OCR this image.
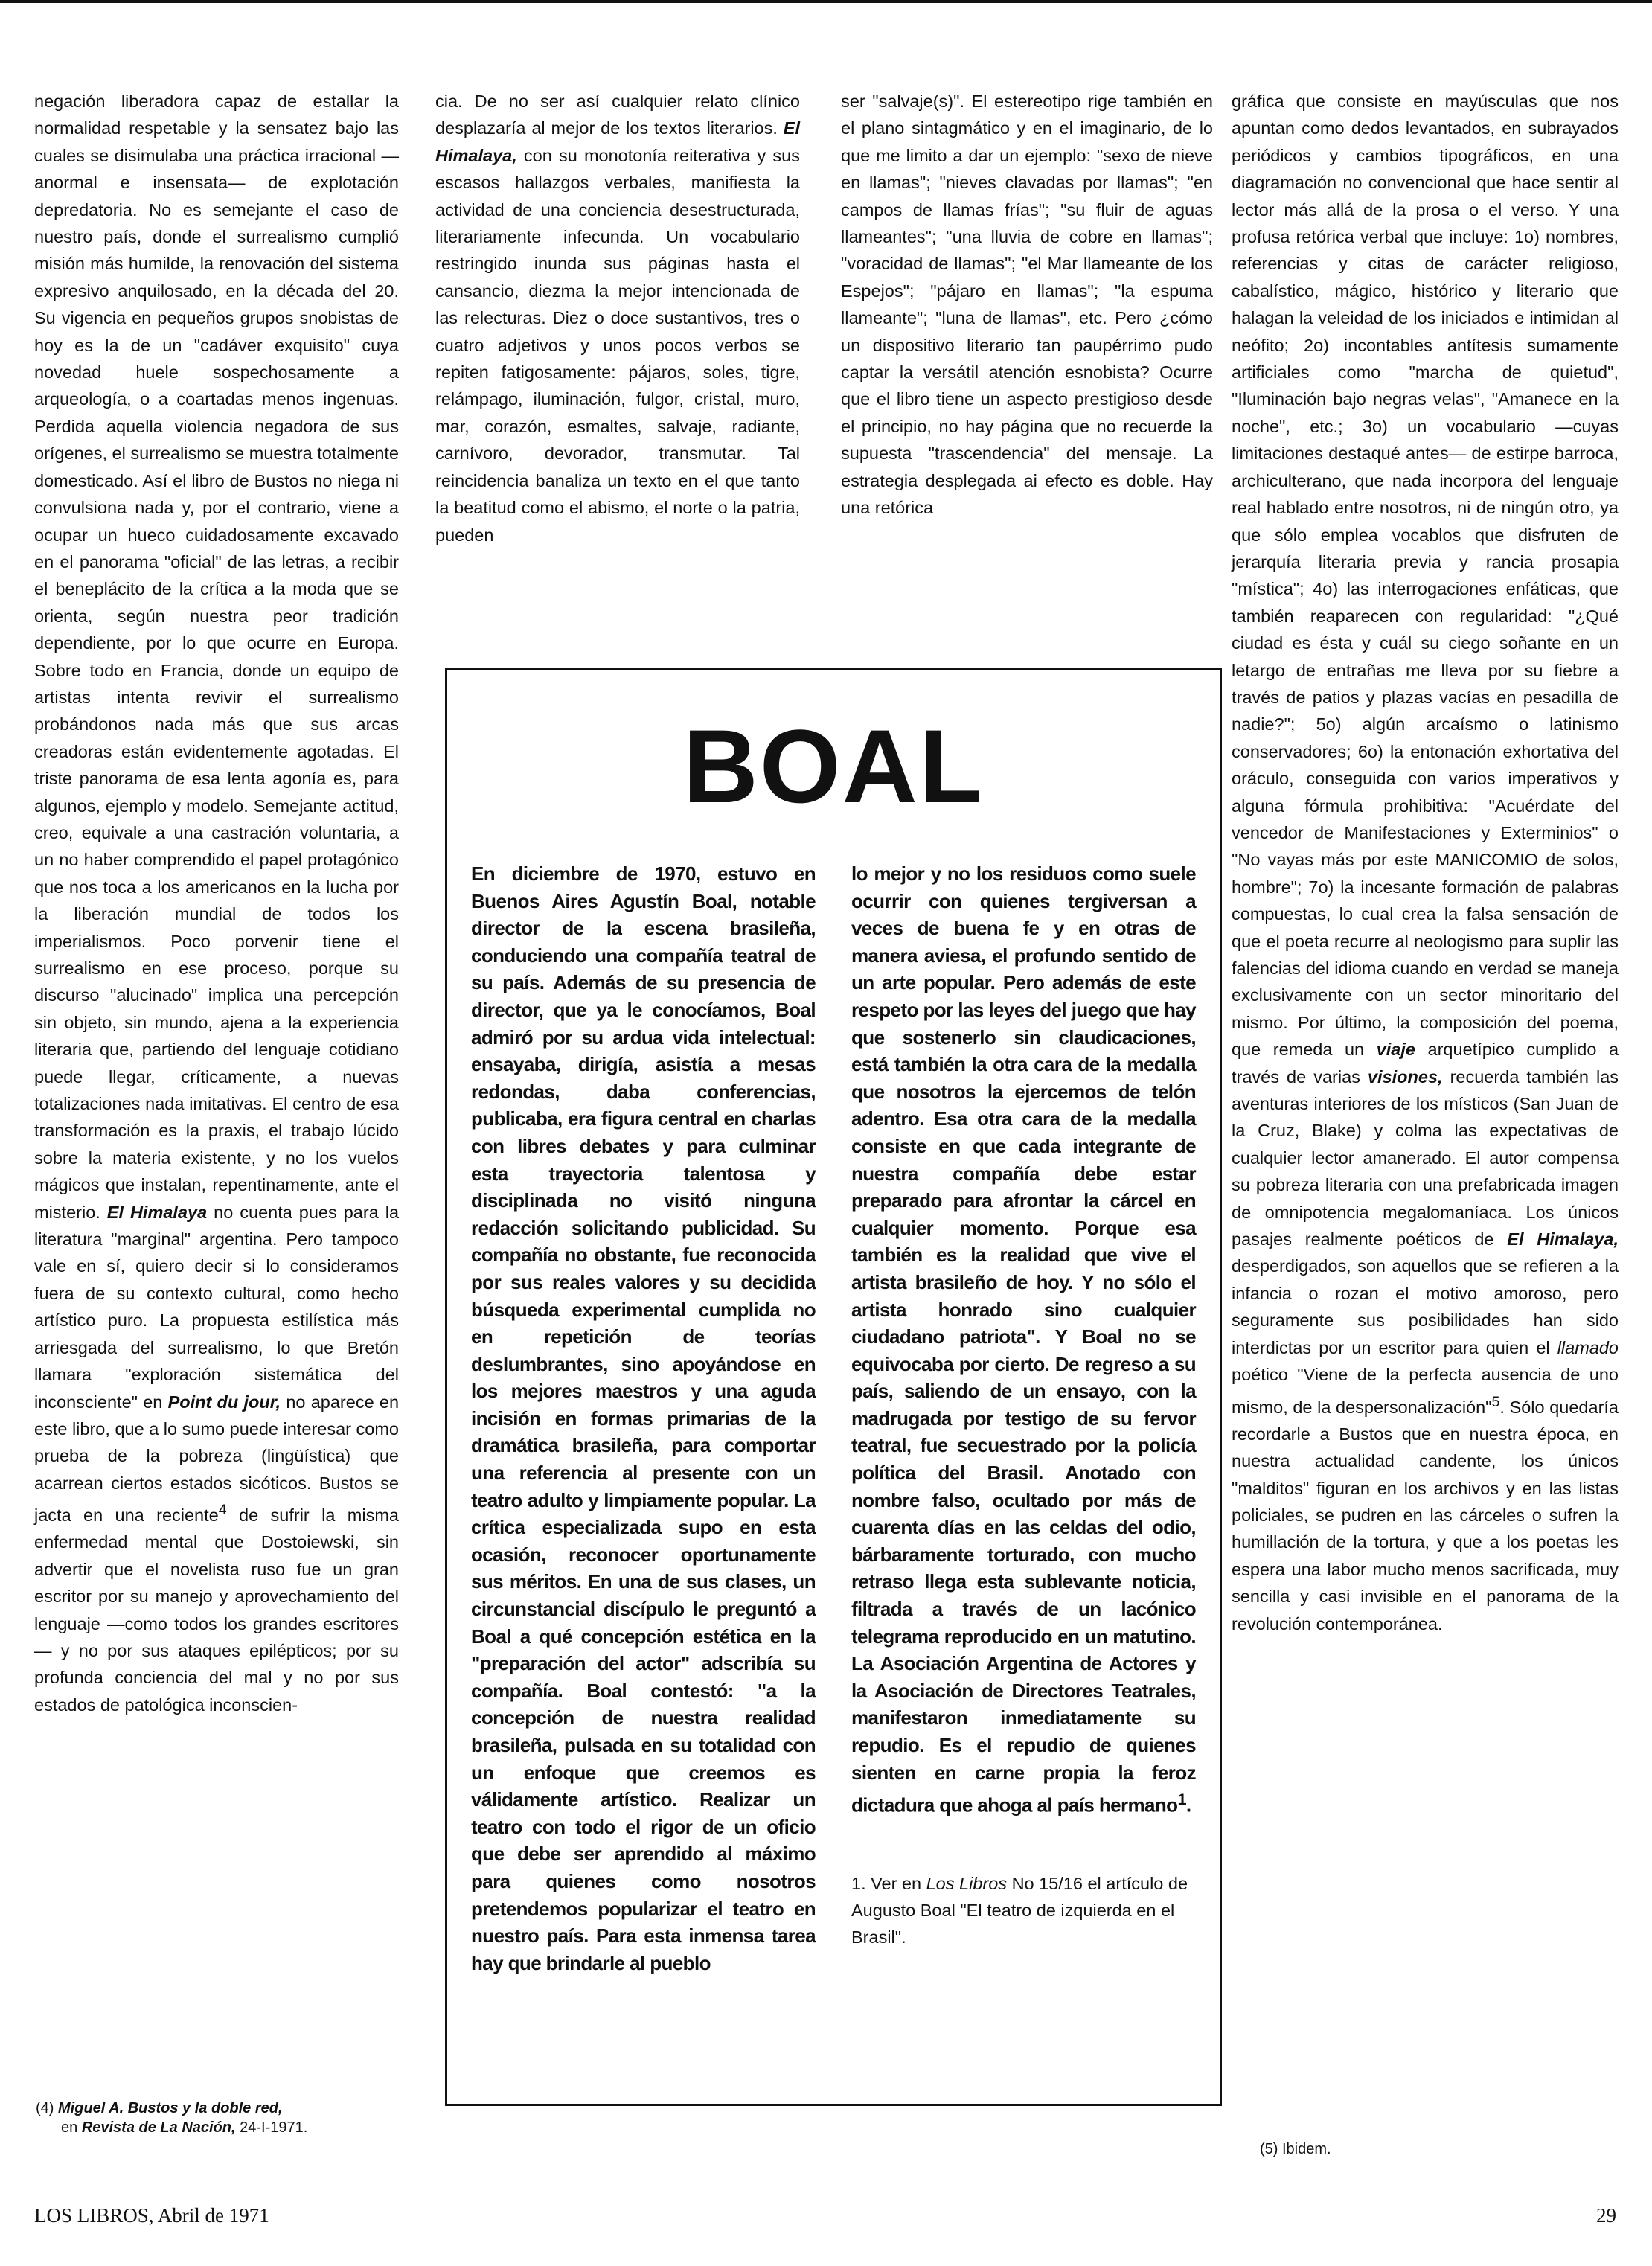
negación liberadora capaz de estallar la normalidad respetable y la sensatez bajo las cuales se disimulaba una práctica irracional —anormal e insensata— de explotación depredatoria. No es semejante el caso de nuestro país, donde el surrealismo cumplió misión más humilde, la renovación del sistema expresivo anquilosado, en la década del 20. Su vigencia en pequeños grupos snobistas de hoy es la de un "cadáver exquisito" cuya novedad huele sospechosamente a arqueología, o a coartadas menos ingenuas. Perdida aquella violencia negadora de sus orígenes, el surrealismo se muestra totalmente domesticado. Así el libro de Bustos no niega ni convulsiona nada y, por el contrario, viene a ocupar un hueco cuidadosamente excavado en el panorama "oficial" de las letras, a recibir el beneplácito de la crítica a la moda que se orienta, según nuestra peor tradición dependiente, por lo que ocurre en Europa. Sobre todo en Francia, donde un equipo de artistas intenta revivir el surrealismo probándonos nada más que sus arcas creadoras están evidentemente agotadas. El triste panorama de esa lenta agonía es, para algunos, ejemplo y modelo. Semejante actitud, creo, equivale a una castración voluntaria, a un no haber comprendido el papel protagónico que nos toca a los americanos en la lucha por la liberación mundial de todos los imperialismos. Poco porvenir tiene el surrealismo en ese proceso, porque su discurso "alucinado" implica una percepción sin objeto, sin mundo, ajena a la experiencia literaria que, partiendo del lenguaje cotidiano puede llegar, críticamente, a nuevas totalizaciones nada imitativas. El centro de esa transformación es la praxis, el trabajo lúcido sobre la materia existente, y no los vuelos mágicos que instalan, repentinamente, ante el misterio. El Himalaya no cuenta pues para la literatura "marginal" argentina. Pero tampoco vale en sí, quiero decir si lo consideramos fuera de su contexto cultural, como hecho artístico puro. La propuesta estilística más arriesgada del surrealismo, lo que Bretón llamara "exploración sistemática del inconsciente" en Point du jour, no aparece en este libro, que a lo sumo puede interesar como prueba de la pobreza (lingüística) que acarrean ciertos estados sicóticos. Bustos se jacta en una reciente$^4$ de sufrir la misma enfermedad mental que Dostoiewski, sin advertir que el novelista ruso fue un gran escritor por su manejo y aprovechamiento del lenguaje —como todos los grandes escritores— y no por sus ataques epilépticos; por su profunda conciencia del mal y no por sus estados de patológica inconscien-

cia. De no ser así cualquier relato clínico desplazaría al mejor de los textos literarios. El Himalaya, con su monotonía reiterativa y sus escasos hallazgos verbales, manifiesta la actividad de una conciencia desestructurada, literariamente infecunda. Un vocabulario restringido inunda sus páginas hasta el cansancio, diezma la mejor intencionada de las relecturas. Diez o doce sustantivos, tres o cuatro adjetivos y unos pocos verbos se repiten fatigosamente: pájaros, soles, tigre, relámpago, iluminación, fulgor, cristal, muro, mar, corazón, esmaltes, salvaje, radiante, carnívoro, devorador, transmutar. Tal reincidencia banaliza un texto en el que tanto la beatitud como el abismo, el norte o la patria, pueden

ser "salvaje(s)". El estereotipo rige también en el plano sintagmático y en el imaginario, de lo que me limito a dar un ejemplo: "sexo de nieve en llamas"; "nieves clavadas por llamas"; "en campos de llamas frías"; "su fluir de aguas llameantes"; "una lluvia de cobre en llamas"; "voracidad de llamas"; "el Mar llameante de los Espejos"; "pájaro en llamas"; "la espuma llameante"; "luna de llamas", etc. Pero ¿cómo un dispositivo literario tan paupérrimo pudo captar la versátil atención esnobista? Ocurre que el libro tiene un aspecto prestigioso desde el principio, no hay página que no recuerde la supuesta "trascendencia" del mensaje. La estrategia desplegada ai efecto es doble. Hay una retórica

gráfica que consiste en mayúsculas que nos apuntan como dedos levantados, en subrayados periódicos y cambios tipográficos, en una diagramación no convencional que hace sentir al lector más allá de la prosa o el verso. Y una profusa retórica verbal que incluye: 1o) nombres, referencias y citas de carácter religioso, cabalístico, mágico, histórico y literario que halagan la veleidad de los iniciados e intimidan al neófito; 2o) incontables antítesis sumamente artificiales como "marcha de quietud", "Iluminación bajo negras velas", "Amanece en la noche", etc.; 3o) un vocabulario —cuyas limitaciones destaqué antes— de estirpe barroca, archiculterano, que nada incorpora del lenguaje real hablado entre nosotros, ni de ningún otro, ya que sólo emplea vocablos que disfruten de jerarquía literaria previa y rancia prosapia "mística"; 4o) las interrogaciones enfáticas, que también reaparecen con regularidad: "¿Qué ciudad es ésta y cuál su ciego soñante en un letargo de entrañas me lleva por su fiebre a través de patios y plazas vacías en pesadilla de nadie?"; 5o) algún arcaísmo o latinismo conservadores; 6o) la entonación exhortativa del oráculo, conseguida con varios imperativos y alguna fórmula prohibitiva: "Acuérdate del vencedor de Manifestaciones y Exterminios" o "No vayas más por este MANICOMIO de solos, hombre"; 7o) la incesante formación de palabras compuestas, lo cual crea la falsa sensación de que el poeta recurre al neologismo para suplir las falencias del idioma cuando en verdad se maneja exclusivamente con un sector minoritario del mismo. Por último, la composición del poema, que remeda un viaje arquetípico cumplido a través de varias visiones, recuerda también las aventuras interiores de los místicos (San Juan de la Cruz, Blake) y colma las expectativas de cualquier lector amanerado. El autor compensa su pobreza literaria con una prefabricada imagen de omnipotencia megalomaníaca. Los únicos pasajes realmente poéticos de El Himalaya, desperdigados, son aquellos que se refieren a la infancia o rozan el motivo amoroso, pero seguramente sus posibilidades han sido interdictas por un escritor para quien el llamado poético "Viene de la perfecta ausencia de uno mismo, de la despersonalización"$^5$. Sólo quedaría recordarle a Bustos que en nuestra época, en nuestra actualidad candente, los únicos "malditos" figuran en los archivos y en las listas policiales, se pudren en las cárceles o sufren la humillación de la tortura, y que a los poetas les espera una labor mucho menos sacrificada, muy sencilla y casi invisible en el panorama de la revolución contemporánea.

BOAL

En diciembre de 1970, estuvo en Buenos Aires Agustín Boal, notable director de la escena brasileña, conduciendo una compañía teatral de su país. Además de su presencia de director, que ya le conocíamos, Boal admiró por su ardua vida intelectual: ensayaba, dirigía, asistía a mesas redondas, daba conferencias, publicaba, era figura central en charlas con libres debates y para culminar esta trayectoria talentosa y disciplinada no visitó ninguna redacción solicitando publicidad. Su compañía no obstante, fue reconocida por sus reales valores y su decidida búsqueda experimental cumplida no en repetición de teorías deslumbrantes, sino apoyándose en los mejores maestros y una aguda incisión en formas primarias de la dramática brasileña, para comportar una referencia al presente con un teatro adulto y limpiamente popular. La crítica especializada supo en esta ocasión, reconocer oportunamente sus méritos. En una de sus clases, un circunstancial discípulo le preguntó a Boal a qué concepción estética en la "preparación del actor" adscribía su compañía. Boal contestó: "a la concepción de nuestra realidad brasileña, pulsada en su totalidad con un enfoque que creemos es válidamente artístico. Realizar un teatro con todo el rigor de un oficio que debe ser aprendido al máximo para quienes como nosotros pretendemos popularizar el teatro en nuestro país. Para esta inmensa tarea hay que brindarle al pueblo

lo mejor y no los residuos como suele ocurrir con quienes tergiversan a veces de buena fe y en otras de manera aviesa, el profundo sentido de un arte popular. Pero además de este respeto por las leyes del juego que hay que sostenerlo sin claudicaciones, está también la otra cara de la medalla que nosotros la ejercemos de telón adentro. Esa otra cara de la medalla consiste en que cada integrante de nuestra compañía debe estar preparado para afrontar la cárcel en cualquier momento. Porque esa también es la realidad que vive el artista brasileño de hoy. Y no sólo el artista honrado sino cualquier ciudadano patriota". Y Boal no se equivocaba por cierto. De regreso a su país, saliendo de un ensayo, con la madrugada por testigo de su fervor teatral, fue secuestrado por la policía política del Brasil. Anotado con nombre falso, ocultado por más de cuarenta días en las celdas del odio, bárbaramente torturado, con mucho retraso llega esta sublevante noticia, filtrada a través de un lacónico telegrama reproducido en un matutino. La Asociación Argentina de Actores y la Asociación de Directores Teatrales, manifestaron inmediatamente su repudio. Es el repudio de quienes sienten en carne propia la feroz dictadura que ahoga al país hermano$^1$.

1. Ver en Los Libros No 15/16 el artículo de Augusto Boal "El teatro de izquierda en el Brasil".
(4) Miguel A. Bustos y la doble red,
en Revista de La Nación, 24-I-1971.
(5) Ibidem.
LOS LIBROS, Abril de 1971	29
